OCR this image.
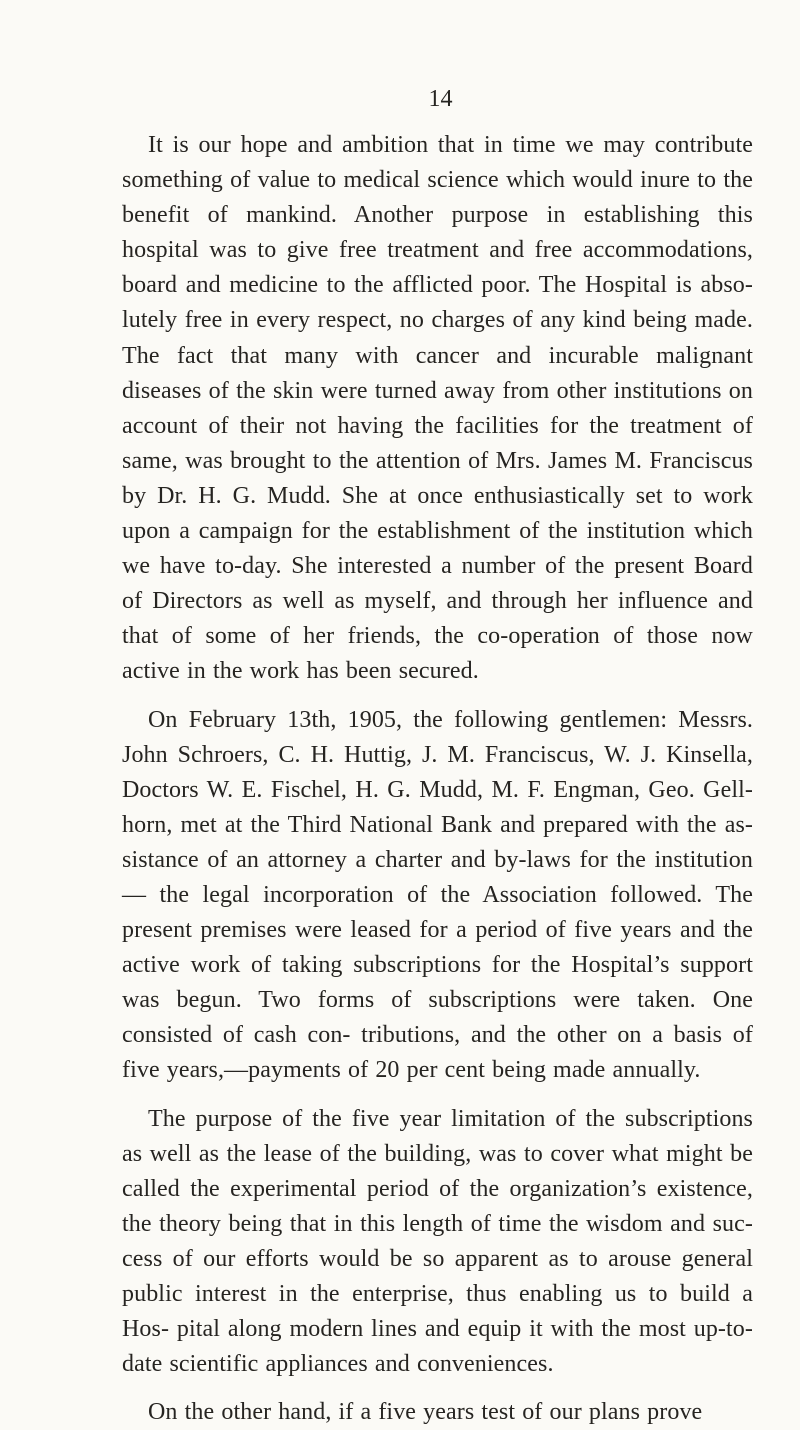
14

It is our hope and ambition that in time we may contribute something of value to medical science which would inure to the benefit of mankind. Another purpose in establishing this hospital was to give free treatment and free accommodations, board and medicine to the afflicted poor. The Hospital is abso- lutely free in every respect, no charges of any kind being made. The fact that many with cancer and incurable malignant diseases of the skin were turned away from other institutions on account of their not having the facilities for the treatment of same, was brought to the attention of Mrs. James M. Franciscus by Dr. H. G. Mudd. She at once enthusiastically set to work upon a campaign for the establishment of the institution which we have to-day. She interested a number of the present Board of Directors as well as myself, and through her influence and that of some of her friends, the co-operation of those now active in the work has been secured.

On February 13th, 1905, the following gentlemen: Messrs. John Schroers, C. H. Huttig, J. M. Franciscus, W. J. Kinsella, Doctors W. E. Fischel, H. G. Mudd, M. F. Engman, Geo. Gell- horn, met at the Third National Bank and prepared with the as- sistance of an attorney a charter and by-laws for the institution— the legal incorporation of the Association followed. The present premises were leased for a period of five years and the active work of taking subscriptions for the Hospital’s support was begun. Two forms of subscriptions were taken. One consisted of cash con- tributions, and the other on a basis of five years,—payments of 20 per cent being made annually.

The purpose of the five year limitation of the subscriptions as well as the lease of the building, was to cover what might be called the experimental period of the organization’s existence, the theory being that in this length of time the wisdom and suc- cess of our efforts would be so apparent as to arouse general public interest in the enterprise, thus enabling us to build a Hos- pital along modern lines and equip it with the most up-to-date scientific appliances and conveniences.

On the other hand, if a five years test of our plans prove
